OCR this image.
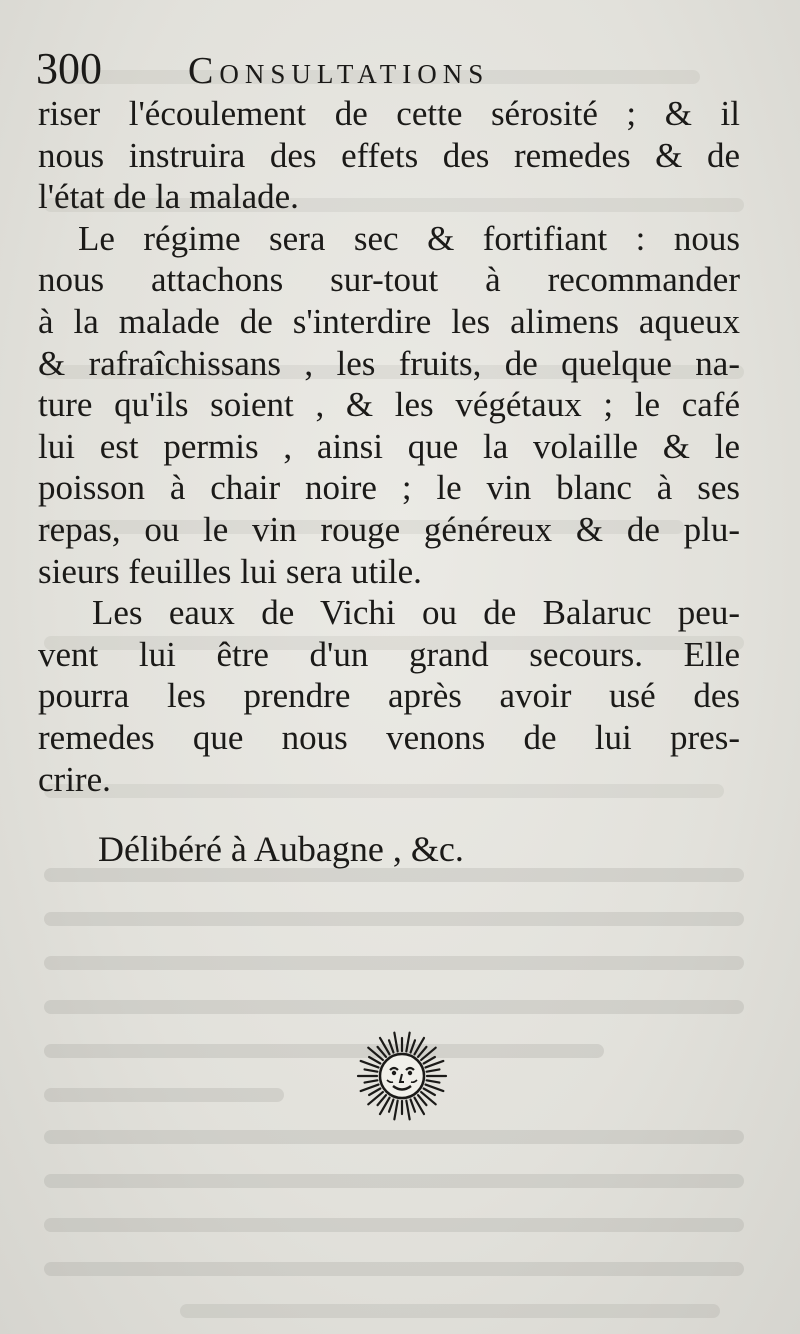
300 Consultations
riser l'écoulement de cette sérosité ; & il
nous instruira des effets des remedes & de
l'état de la malade.
Le régime sera sec & fortifiant : nous
nous attachons sur-tout à recommander
à la malade de s'interdire les alimens aqueux
& rafraîchissans , les fruits, de quelque na-
ture qu'ils soient , & les végétaux ; le café
lui est permis , ainsi que la volaille & le
poisson à chair noire ; le vin blanc à ses
repas, ou le vin rouge généreux & de plu-
sieurs feuilles lui sera utile.
Les eaux de Vichi ou de Balaruc peu-
vent lui être d'un grand secours. Elle
pourra les prendre après avoir usé des
remedes que nous venons de lui pres-
crire.
Délibéré à Aubagne , &c.
